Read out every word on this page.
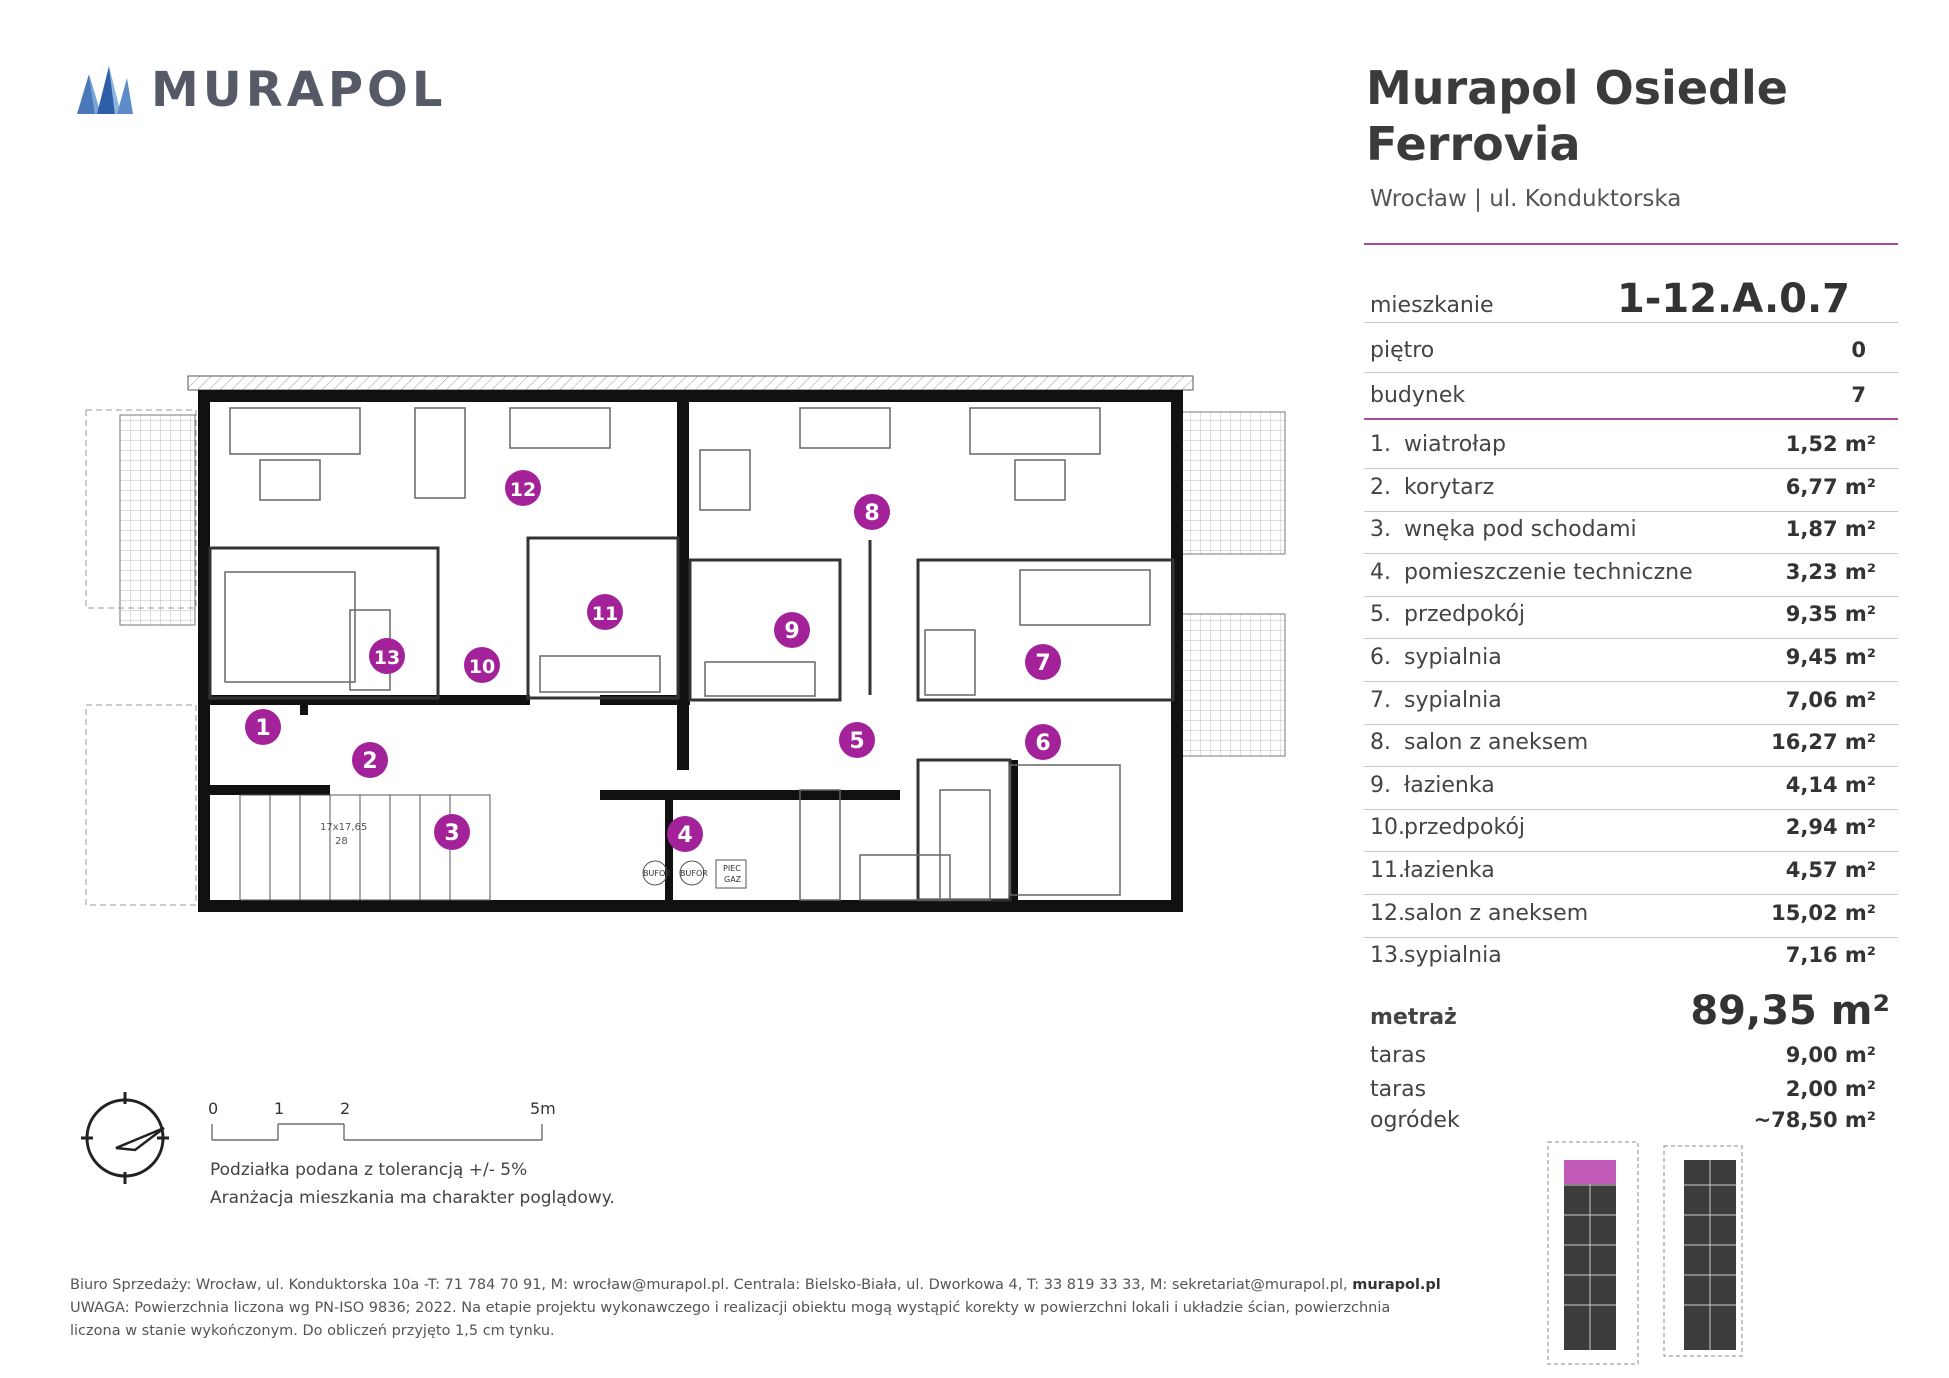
MURAPOL	Murapol Osiedle
Ferrovia
Wrocław | ul. Konduktorska
mieszkanie	1-12.A.0.7
piętro	0
budynek	7
1. wiatrołap	1,52 m²
2. korytarz	6,77 m²
3. wnęka pod schodami	1,87 m²
4. pomieszczenie techniczne	3,23 m²
5. przedpokój	9,35 m²
6. sypialnia	9,45 m²
7. sypialnia	7,06 m²
8. salon z aneksem	16,27 m²
9. łazienka	4,14 m²
10.przedpokój	2,94 m²
11.łazienka	4,57 m²
12.salon z aneksem	15,02 m²
13.sypialnia	7,16 m²
metraż	89,35 m²
taras	9,00 m²
taras	2,00 m²
ogródek	~78,50 m²
17x17,65
28
BUFOR BUFOR
PIEC
GAZ
1
2
3	4
5	6
7
8
9
10
11
12
13
0	1	2	5m
Podziałka podana z tolerancją +/- 5%
Aranżacja mieszkania ma charakter poglądowy.
Biuro Sprzedaży: Wrocław, ul. Konduktorska 10a -T: 71 784 70 91, M: wrocław@murapol.pl. Centrala: Bielsko-Biała, ul. Dworkowa 4, T: 33 819 33 33, M: sekretariat@murapol.pl, murapol.pl
UWAGA: Powierzchnia liczona wg PN-ISO 9836; 2022. Na etapie projektu wykonawczego i realizacji obiektu mogą wystąpić korekty w powierzchni lokali i układzie ścian, powierzchnia
liczona w stanie wykończonym. Do obliczeń przyjęto 1,5 cm tynku.
